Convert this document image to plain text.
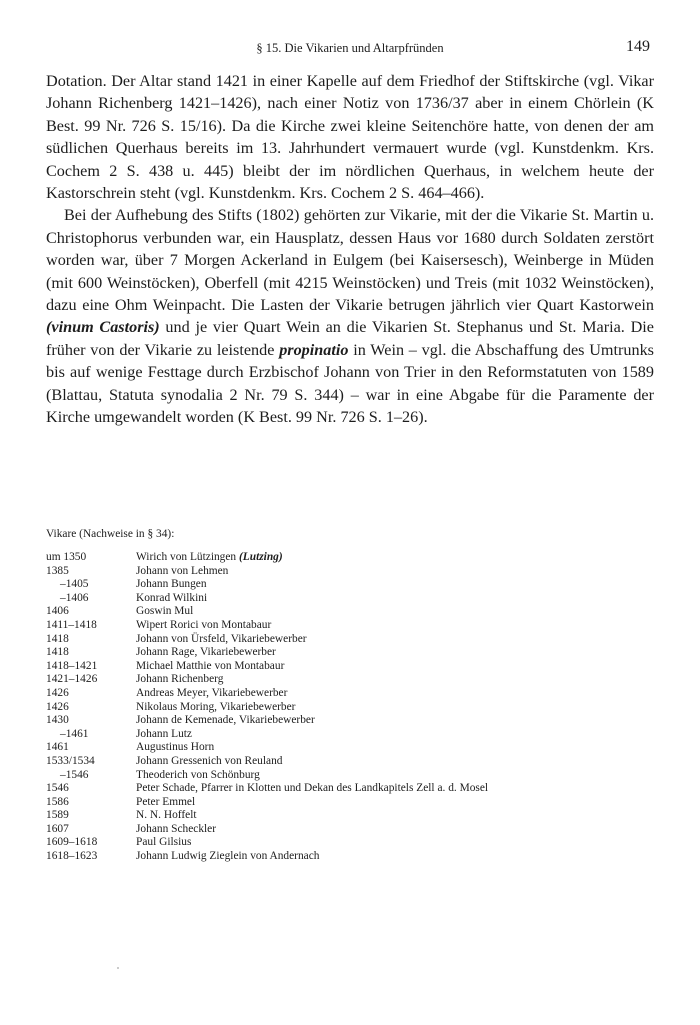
§ 15. Die Vikarien und Altarpfründen	149

Dotation. Der Altar stand 1421 in einer Kapelle auf dem Friedhof der Stiftskirche (vgl. Vikar Johann Richenberg 1421–1426), nach einer Notiz von 1736/37 aber in einem Chörlein (K Best. 99 Nr. 726 S. 15/16). Da die Kirche zwei kleine Seitenchöre hatte, von denen der am südlichen Querhaus bereits im 13. Jahrhundert vermauert wurde (vgl. Kunstdenkm. Krs. Cochem 2 S. 438 u. 445) bleibt der im nördlichen Querhaus, in welchem heute der Kastorschrein steht (vgl. Kunstdenkm. Krs. Cochem 2 S. 464–466).

Bei der Aufhebung des Stifts (1802) gehörten zur Vikarie, mit der die Vikarie St. Martin u. Christophorus verbunden war, ein Hausplatz, dessen Haus vor 1680 durch Soldaten zerstört worden war, über 7 Morgen Ackerland in Eulgem (bei Kaisersesch), Weinberge in Müden (mit 600 Weinstöcken), Oberfell (mit 4215 Weinstöcken) und Treis (mit 1032 Weinstöcken), dazu eine Ohm Weinpacht. Die Lasten der Vikarie betrugen jährlich vier Quart Kastorwein (vinum Castoris) und je vier Quart Wein an die Vikarien St. Stephanus und St. Maria. Die früher von der Vikarie zu leistende propinatio in Wein – vgl. die Abschaffung des Umtrunks bis auf wenige Festtage durch Erzbischof Johann von Trier in den Reformstatuten von 1589 (Blattau, Statuta synodalia 2 Nr. 79 S. 344) – war in eine Abgabe für die Paramente der Kirche umgewandelt worden (K Best. 99 Nr. 726 S. 1–26).

Vikare (Nachweise in § 34):

um 1350	Wirich von Lützingen (Lutzing)
1385	Johann von Lehmen
–1405	Johann Bungen
–1406	Konrad Wilkini
1406	Goswin Mul
1411–1418	Wipert Rorici von Montabaur
1418	Johann von Ürsfeld, Vikariebewerber
1418	Johann Rage, Vikariebewerber
1418–1421	Michael Matthie von Montabaur
1421–1426	Johann Richenberg
1426	Andreas Meyer, Vikariebewerber
1426	Nikolaus Moring, Vikariebewerber
1430	Johann de Kemenade, Vikariebewerber
–1461	Johann Lutz
1461	Augustinus Horn
1533/1534	Johann Gressenich von Reuland
–1546	Theoderich von Schönburg
1546	Peter Schade, Pfarrer in Klotten und Dekan des Landkapitels Zell a. d. Mosel
1586	Peter Emmel
1589	N. N. Hoffelt
1607	Johann Scheckler
1609–1618	Paul Gilsius
1618–1623	Johann Ludwig Zieglein von Andernach
